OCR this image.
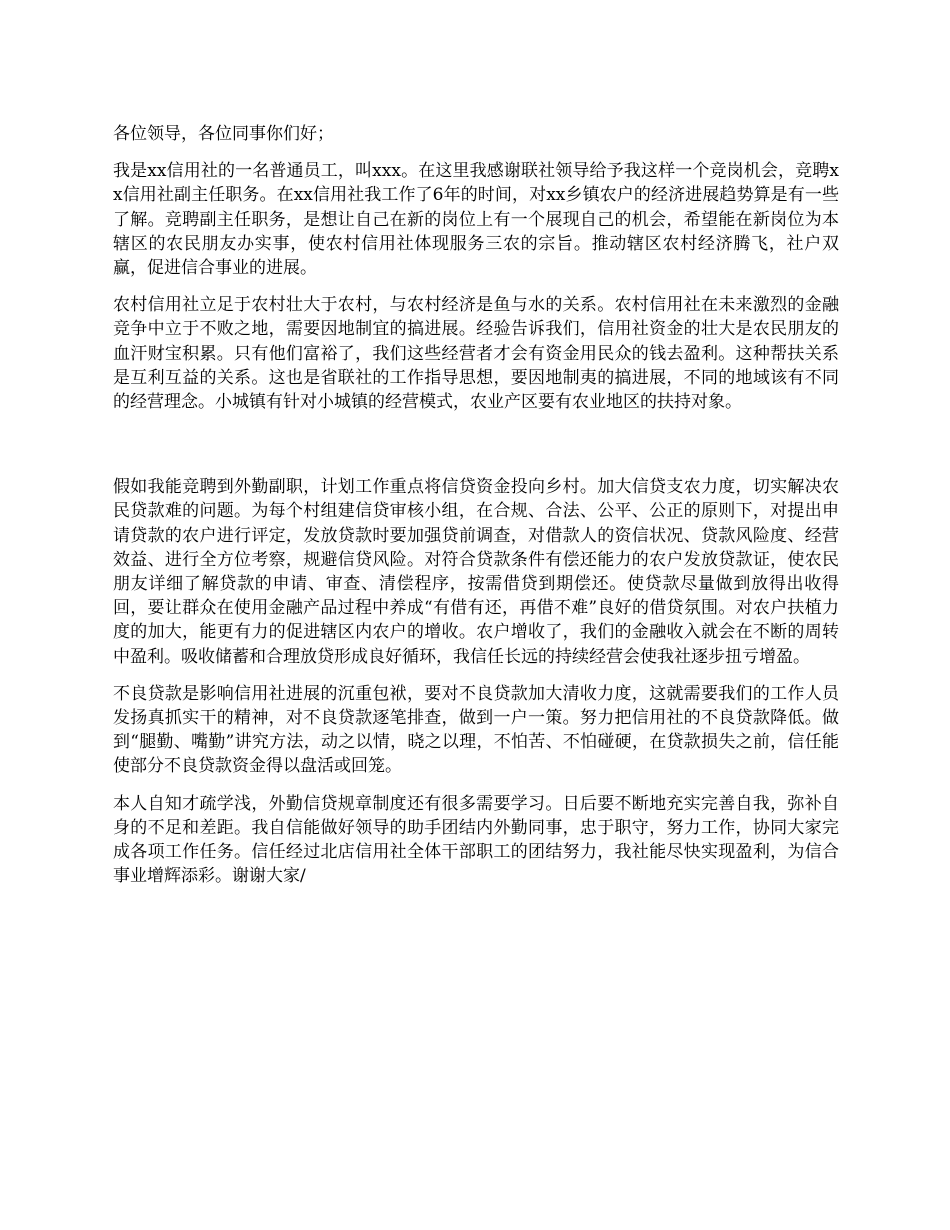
各位领导，各位同事你们好；

我是xx信用社的一名普通员工，叫xxx。在这里我感谢联社领导给予我这样一个竞岗机会，竞聘xx信用社副主任职务。在xx信用社我工作了6年的时间，对xx乡镇农户的经济进展趋势算是有一些了解。竞聘副主任职务，是想让自己在新的岗位上有一个展现自己的机会，希望能在新岗位为本辖区的农民朋友办实事，使农村信用社体现服务三农的宗旨。推动辖区农村经济腾飞，社户双赢，促进信合事业的进展。

农村信用社立足于农村壮大于农村，与农村经济是鱼与水的关系。农村信用社在未来激烈的金融竞争中立于不败之地，需要因地制宜的搞进展。经验告诉我们，信用社资金的壮大是农民朋友的血汗财宝积累。只有他们富裕了，我们这些经营者才会有资金用民众的钱去盈利。这种帮扶关系是互利互益的关系。这也是省联社的工作指导思想，要因地制夷的搞进展，不同的地域该有不同的经营理念。小城镇有针对小城镇的经营模式，农业产区要有农业地区的扶持对象。

假如我能竞聘到外勤副职，计划工作重点将信贷资金投向乡村。加大信贷支农力度，切实解决农民贷款难的问题。为每个村组建信贷审核小组，在合规、合法、公平、公正的原则下，对提出申请贷款的农户进行评定，发放贷款时要加强贷前调查，对借款人的资信状况、贷款风险度、经营效益、进行全方位考察，规避信贷风险。对符合贷款条件有偿还能力的农户发放贷款证，使农民朋友详细了解贷款的申请、审查、清偿程序，按需借贷到期偿还。使贷款尽量做到放得出收得回，要让群众在使用金融产品过程中养成“有借有还，再借不难”良好的借贷氛围。对农户扶植力度的加大，能更有力的促进辖区内农户的增收。农户增收了，我们的金融收入就会在不断的周转中盈利。吸收储蓄和合理放贷形成良好循环，我信任长远的持续经营会使我社逐步扭亏增盈。

不良贷款是影响信用社进展的沉重包袱，要对不良贷款加大清收力度，这就需要我们的工作人员发扬真抓实干的精神，对不良贷款逐笔排查，做到一户一策。努力把信用社的不良贷款降低。做到“腿勤、嘴勤”讲究方法，动之以情，晓之以理，不怕苦、不怕碰硬，在贷款损失之前，信任能使部分不良贷款资金得以盘活或回笼。

本人自知才疏学浅，外勤信贷规章制度还有很多需要学习。日后要不断地充实完善自我，弥补自身的不足和差距。我自信能做好领导的助手团结内外勤同事，忠于职守，努力工作，协同大家完成各项工作任务。信任经过北店信用社全体干部职工的团结努力，我社能尽快实现盈利，为信合事业增辉添彩。谢谢大家/
